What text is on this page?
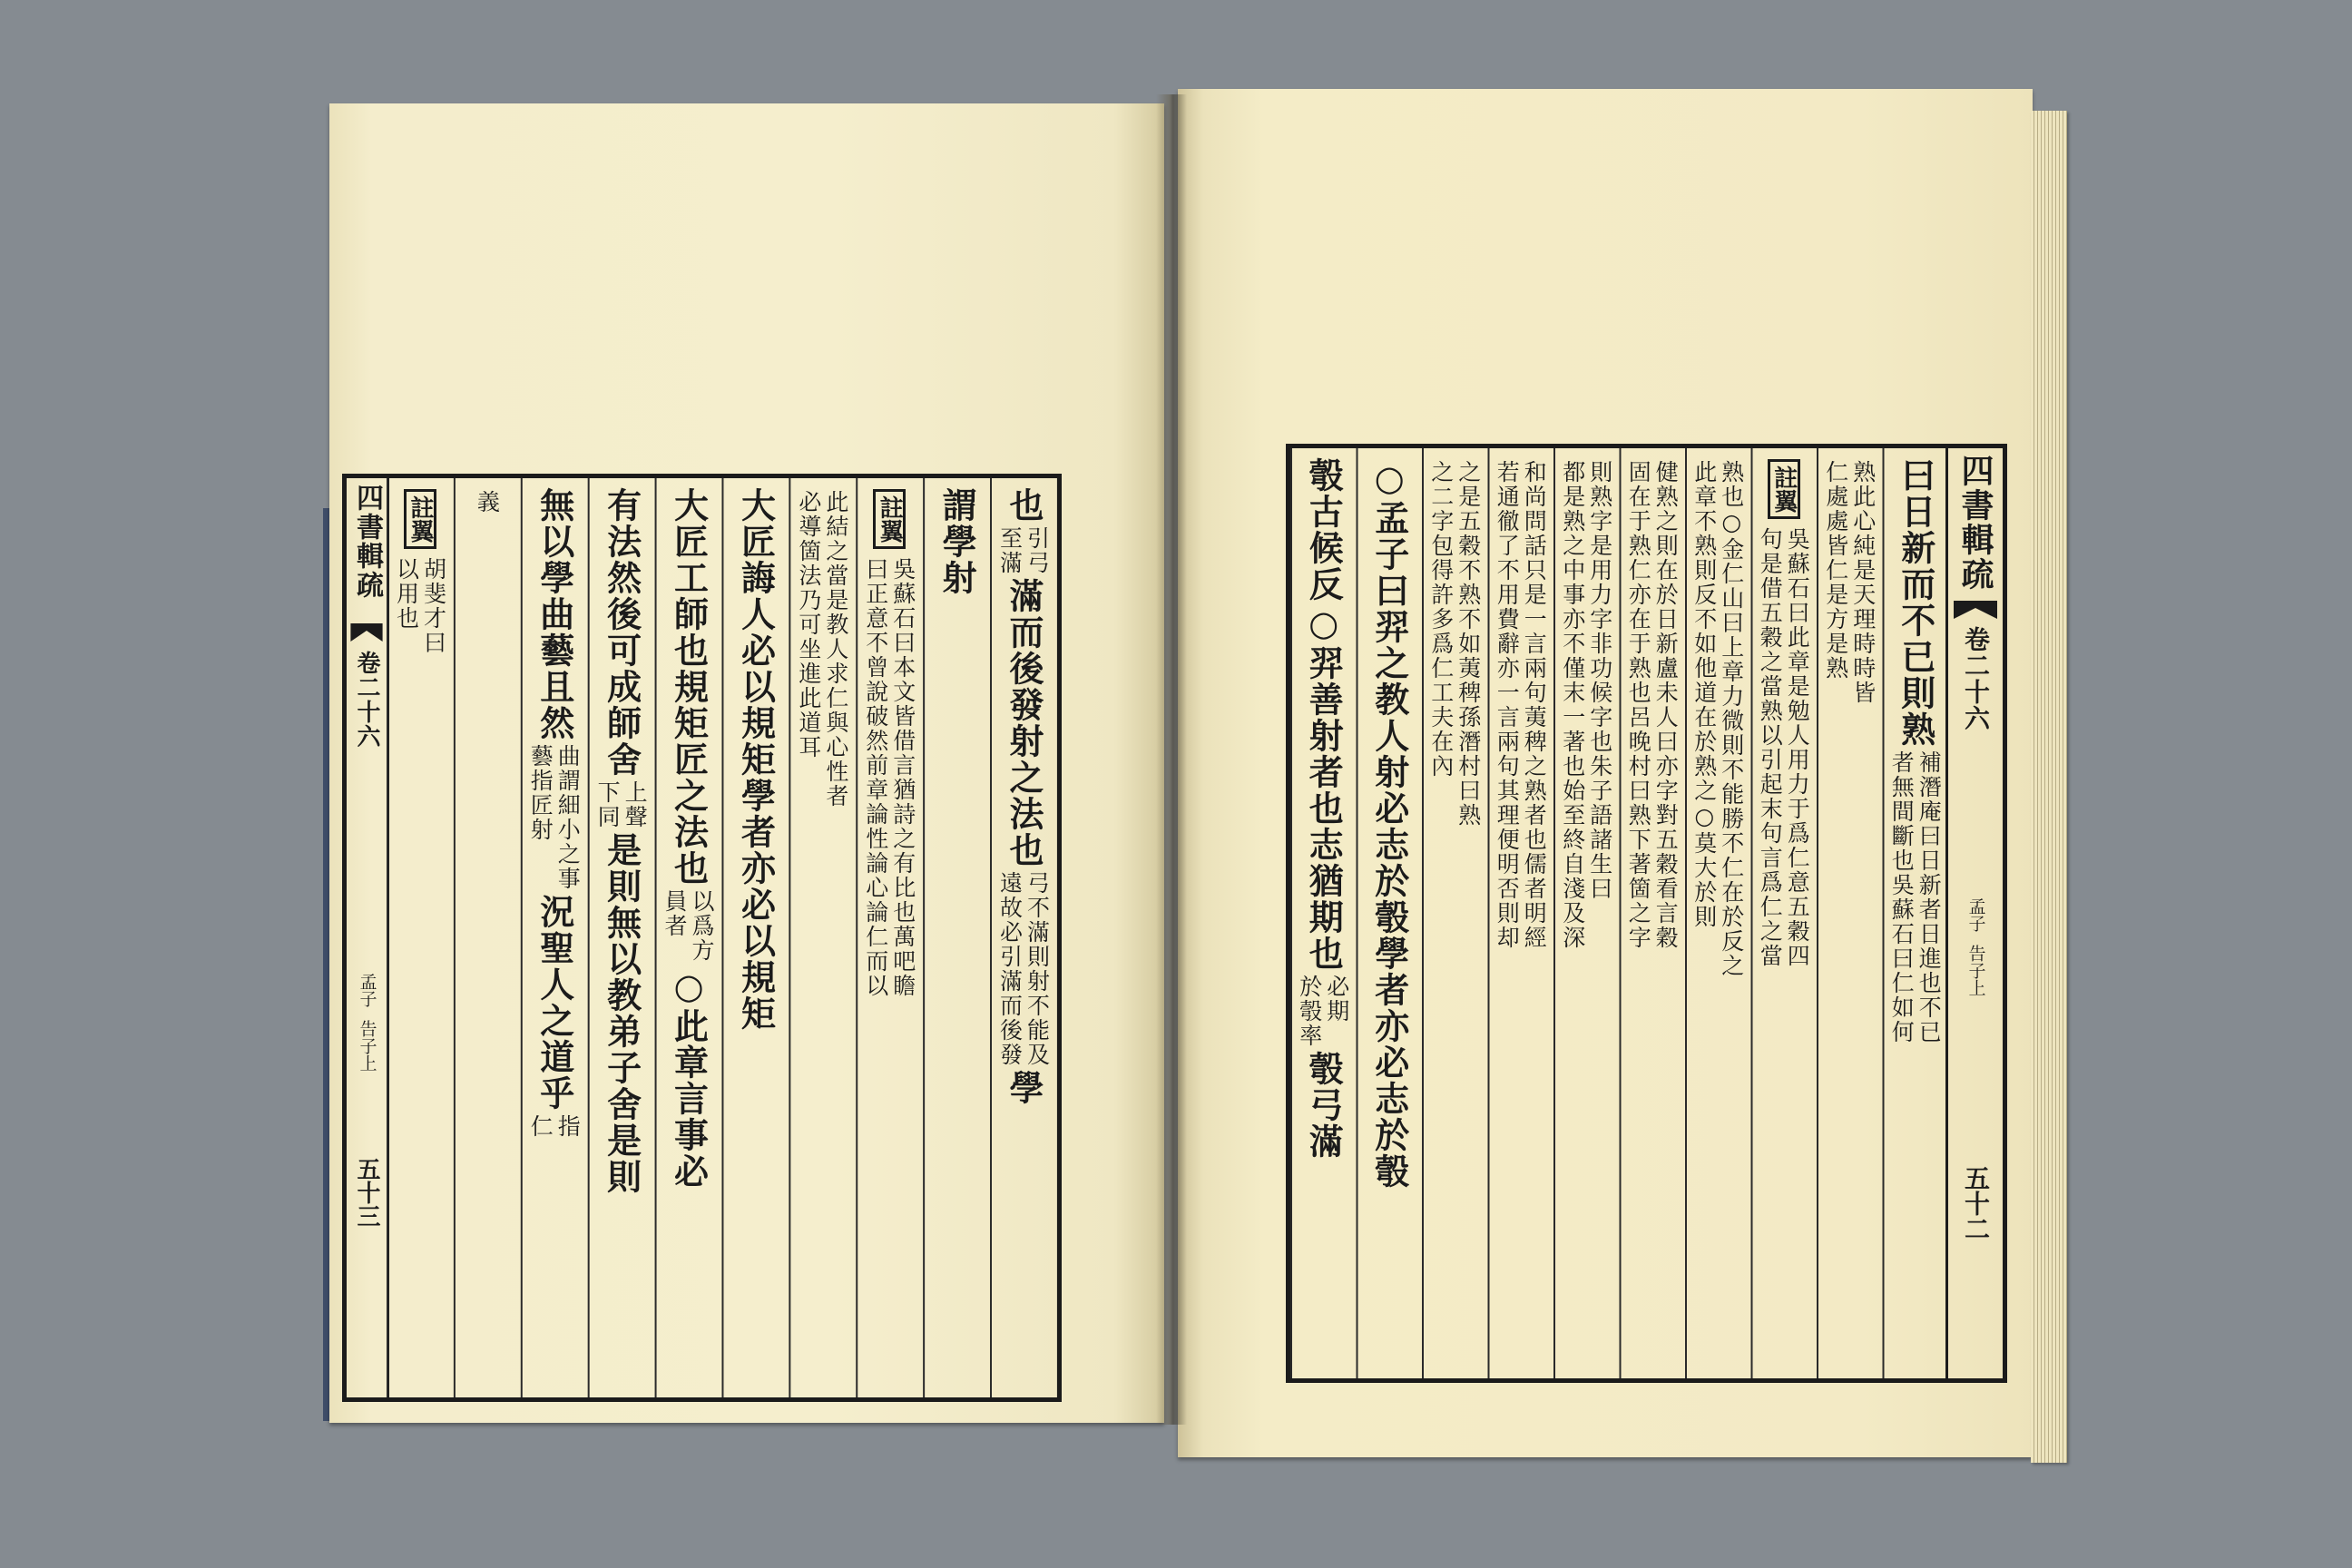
四書輯疏
卷二十六
孟子
告子上
五十三
也
引弓
至滿
滿而後發射之法也
弓不滿則射不能及
遠故必引滿而後發
學
謂學射
註翼
吳蘇石曰本文皆借言猶詩之有比也萬吧瞻
曰正意不曾說破然前章論性論心論仁而以
此結之當是教人求仁與心性者
必導箇法乃可坐進此道耳
大匠誨人必以規矩學者亦必以規矩
大匠工師也規矩匠之法也
以爲方
員者
○此章言事必
有法然後可成師舍
上聲
下同
是則無以教弟子舍是則
無以學曲藝且然
曲謂細小之事
藝指匠射
況聖人之道乎
指
仁
義
註翼
胡斐才曰
以用也
四書輯疏
卷二十六
孟子
告子上
五十二
曰日新而不已則熟
補潛庵曰日新者日進也不已
者無間斷也吳蘇石曰仁如何
熟此心純是天理時時皆
仁處處皆仁是方是熟
註翼
吳蘇石曰此章是勉人用力于爲仁意五穀四
句是借五穀之當熟以引起末句言爲仁之當
熟也○金仁山曰上章力微則不能勝不仁在於反之
此章不熟則反不如他道在於熟之○莫大於則
健熟之則在於日新盧未人曰亦字對五穀看言穀
固在于熟仁亦在于熟也呂晚村曰熟下著箇之字
則熟字是用力字非功候字也朱子語諸生曰
都是熟之中事亦不僅末一著也始至終自淺及深
和尚問話只是一言兩句荑稗之熟者也儒者明經
若通徹了不用費辭亦一言兩句其理便明否則却
之是五穀不熟不如荑稗孫潛村曰熟
之二字包得許多爲仁工夫在內
○孟子曰羿之教人射必志於彀學者亦必志於彀
彀古候反○羿善射者也志猶期也
必期
於彀率
彀弓滿
